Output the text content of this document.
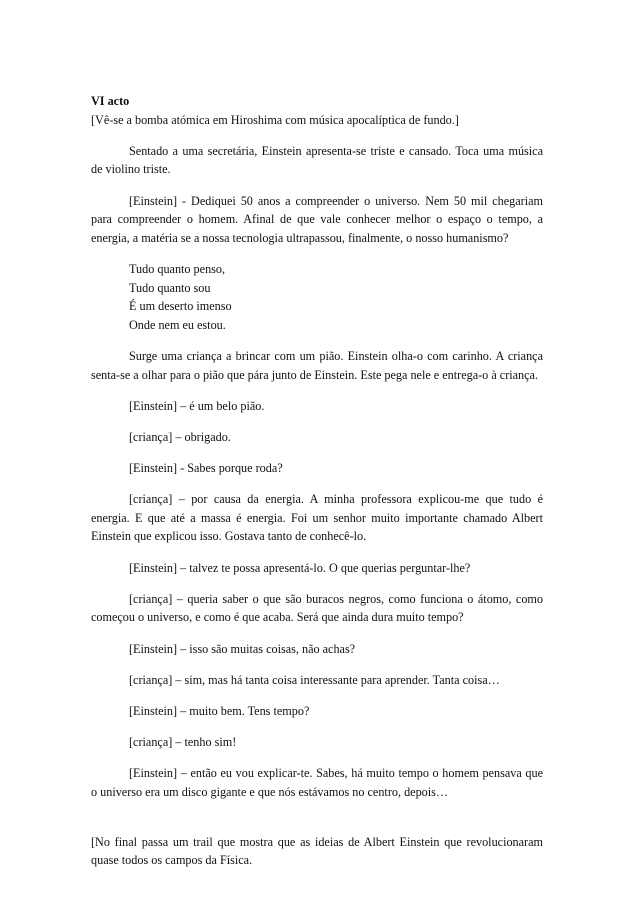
VI acto

[Vê-se a bomba atómica em Hiroshima com música apocalíptica de fundo.]

Sentado a uma secretária, Einstein apresenta-se triste e cansado. Toca uma música de violino triste.

[Einstein] - Dediquei 50 anos a compreender o universo. Nem 50 mil chegariam para compreender o homem. Afinal de que vale conhecer melhor o espaço o tempo, a energia, a matéria se a nossa tecnologia ultrapassou, finalmente, o nosso humanismo?

Tudo quanto penso,
Tudo quanto sou
É um deserto imenso
Onde nem eu estou.

Surge uma criança a brincar com um pião. Einstein olha-o com carinho. A criança senta-se a olhar para o pião que pára junto de Einstein. Este pega nele e entrega-o à criança.

[Einstein] – é um belo pião.

[criança] – obrigado.

[Einstein] - Sabes porque roda?

[criança] – por causa da energia. A minha professora explicou-me que tudo é energia. E que até a massa é energia. Foi um senhor muito importante chamado Albert Einstein que explicou isso. Gostava tanto de conhecê-lo.

[Einstein] – talvez te possa apresentá-lo. O que querias perguntar-lhe?

[criança] – queria saber o que são buracos negros, como funciona o átomo, como começou o universo, e como é que acaba. Será que ainda dura muito tempo?

[Einstein] – isso são muitas coisas, não achas?

[criança] – sim, mas há tanta coisa interessante para aprender. Tanta coisa…

[Einstein] – muito bem. Tens tempo?

[criança] – tenho sim!

[Einstein] – então eu vou explicar-te. Sabes, há muito tempo o homem pensava que o universo era um disco gigante e que nós estávamos no centro, depois…

[No final passa um trail que mostra que as ideias de Albert Einstein que revolucionaram quase todos os campos da Física.
